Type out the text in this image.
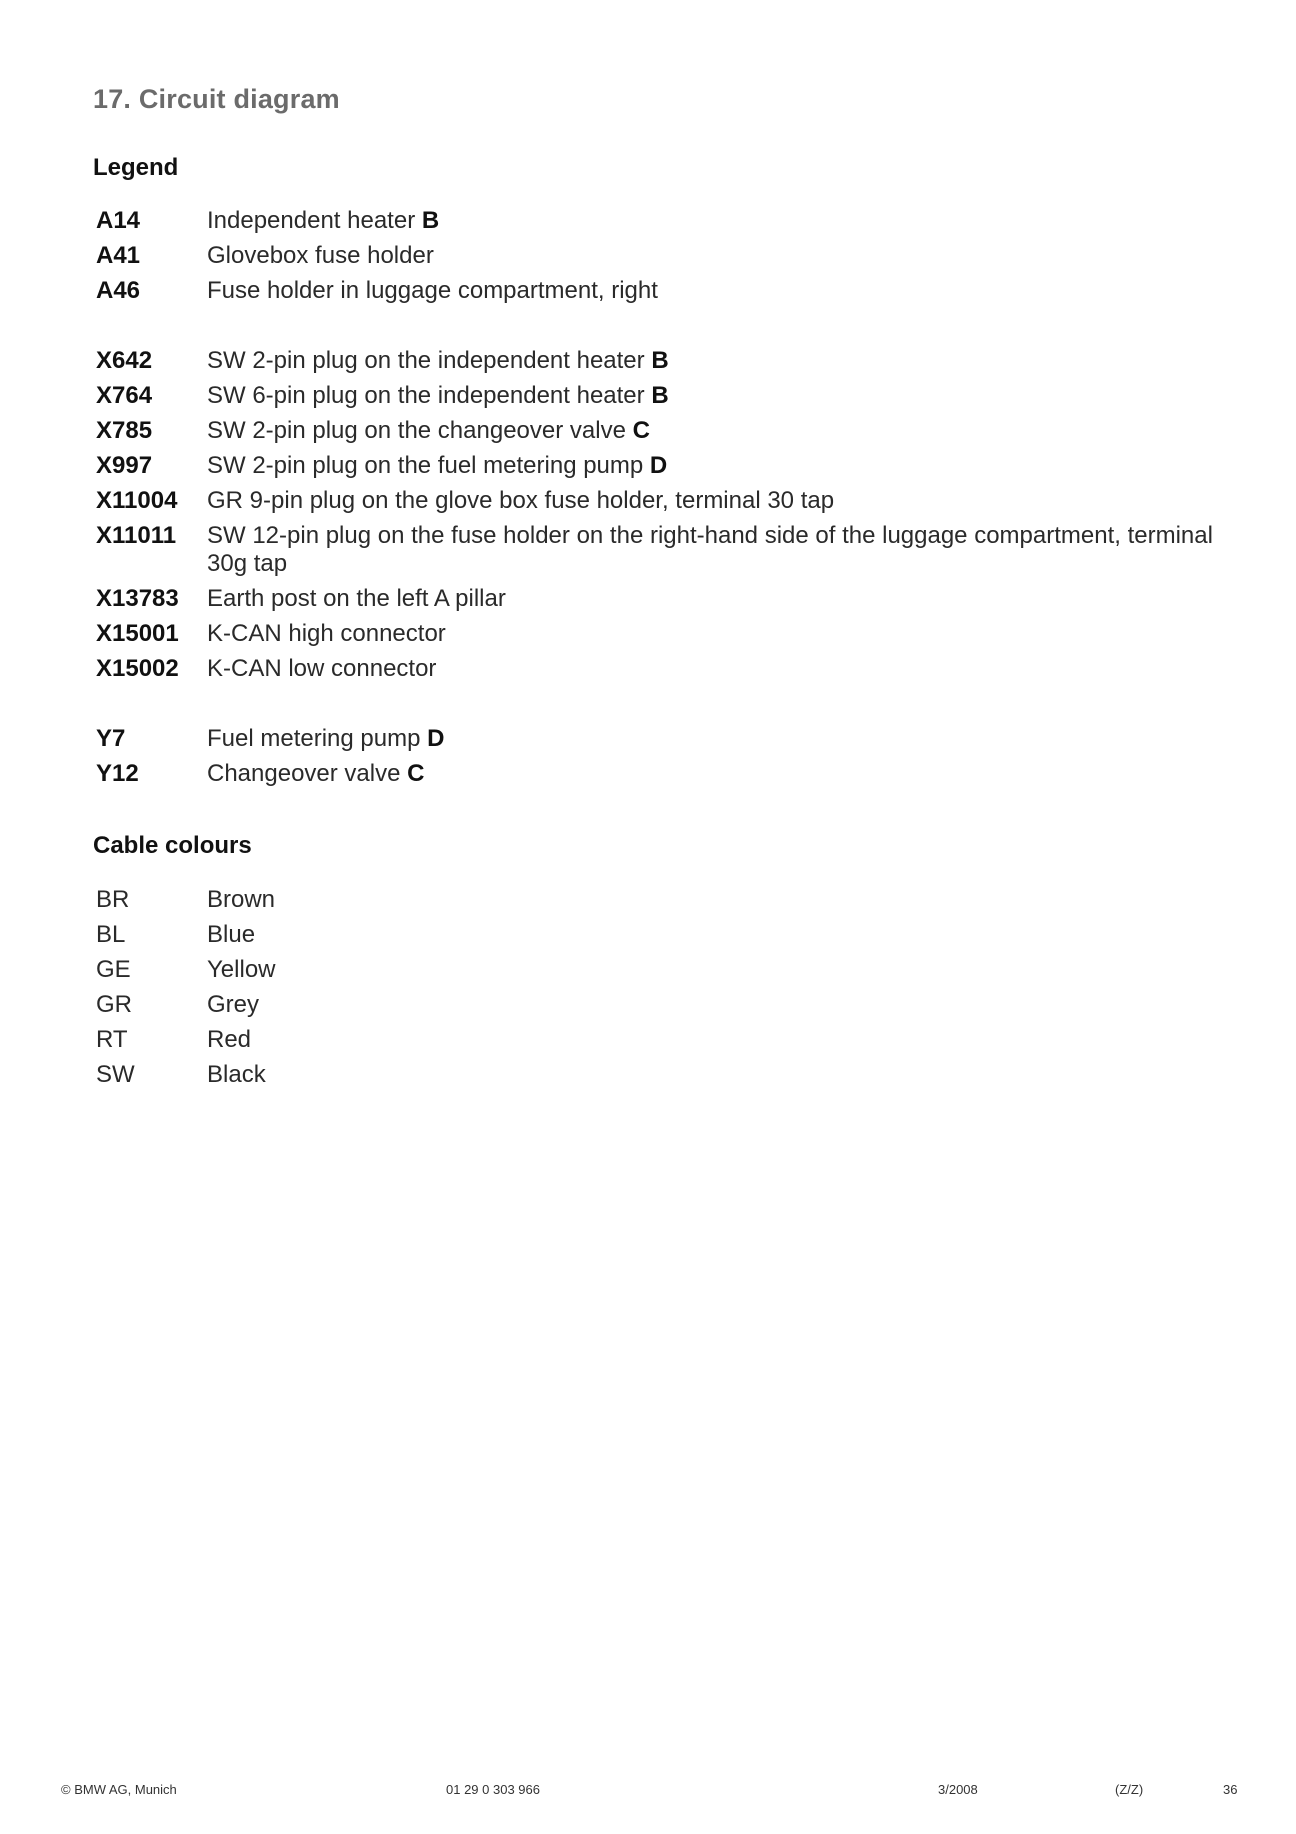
17. Circuit diagram
Legend
A14	Independent heater B
A41	Glovebox fuse holder
A46	Fuse holder in luggage compartment, right
X642	SW 2-pin plug on the independent heater B
X764	SW 6-pin plug on the independent heater B
X785	SW 2-pin plug on the changeover valve C
X997	SW 2-pin plug on the fuel metering pump D
X11004	GR 9-pin plug on the glove box fuse holder, terminal 30 tap
X11011	SW 12-pin plug on the fuse holder on the right-hand side of the luggage compartment, terminal 30g tap
X13783	Earth post on the left A pillar
X15001	K-CAN high connector
X15002	K-CAN low connector
Y7	Fuel metering pump D
Y12	Changeover valve C
Cable colours
BR	Brown
BL	Blue
GE	Yellow
GR	Grey
RT	Red
SW	Black

© BMW AG, Munich	01 29 0 303 966	3/2008	(Z/Z)	36
